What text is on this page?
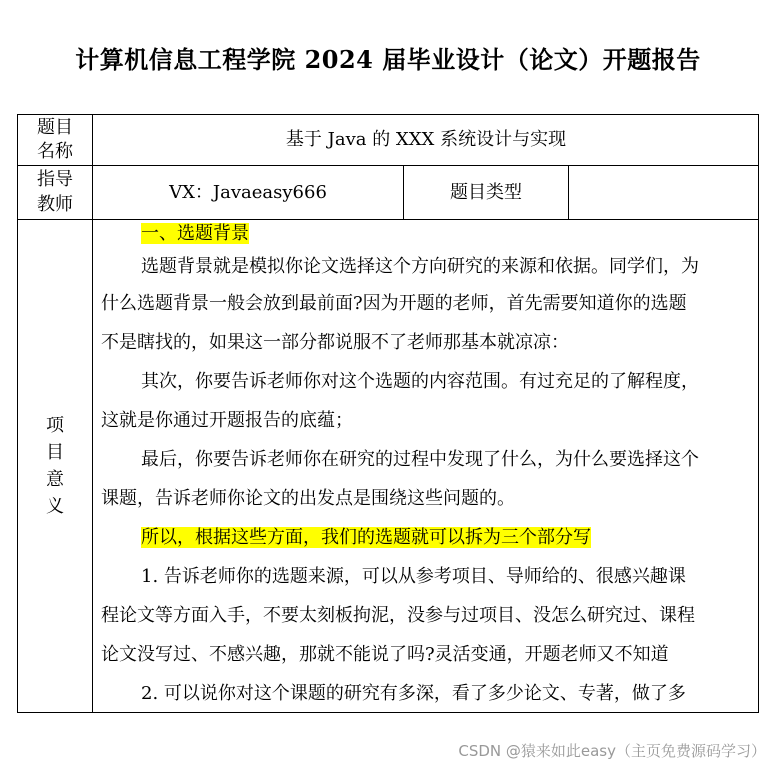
计算机信息工程学院 2024 届毕业设计（论文）开题报告
题目
名称
基于 Java 的 XXX 系统设计与实现
指导
教师
VX：Javaeasy666	题目类型
项
目
意
义
一、选题背景
选题背景就是模拟你论文选择这个方向研究的来源和依据。同学们，为
什么选题背景一般会放到最前面?因为开题的老师，首先需要知道你的选题
不是瞎找的，如果这一部分都说服不了老师那基本就凉凉：
其次，你要告诉老师你对这个选题的内容范围。有过充足的了解程度，
这就是你通过开题报告的底蕴；
最后，你要告诉老师你在研究的过程中发现了什么，为什么要选择这个
课题，告诉老师你论文的出发点是围绕这些问题的。
所以，根据这些方面，我们的选题就可以拆为三个部分写
1. 告诉老师你的选题来源，可以从参考项目、导师给的、很感兴趣课
程论文等方面入手，不要太刻板拘泥，没参与过项目、没怎么研究过、课程
论文没写过、不感兴趣，那就不能说了吗?灵活变通，开题老师又不知道
2. 可以说你对这个课题的研究有多深，看了多少论文、专著，做了多
CSDN @猿来如此easy（主页免费源码学习）
